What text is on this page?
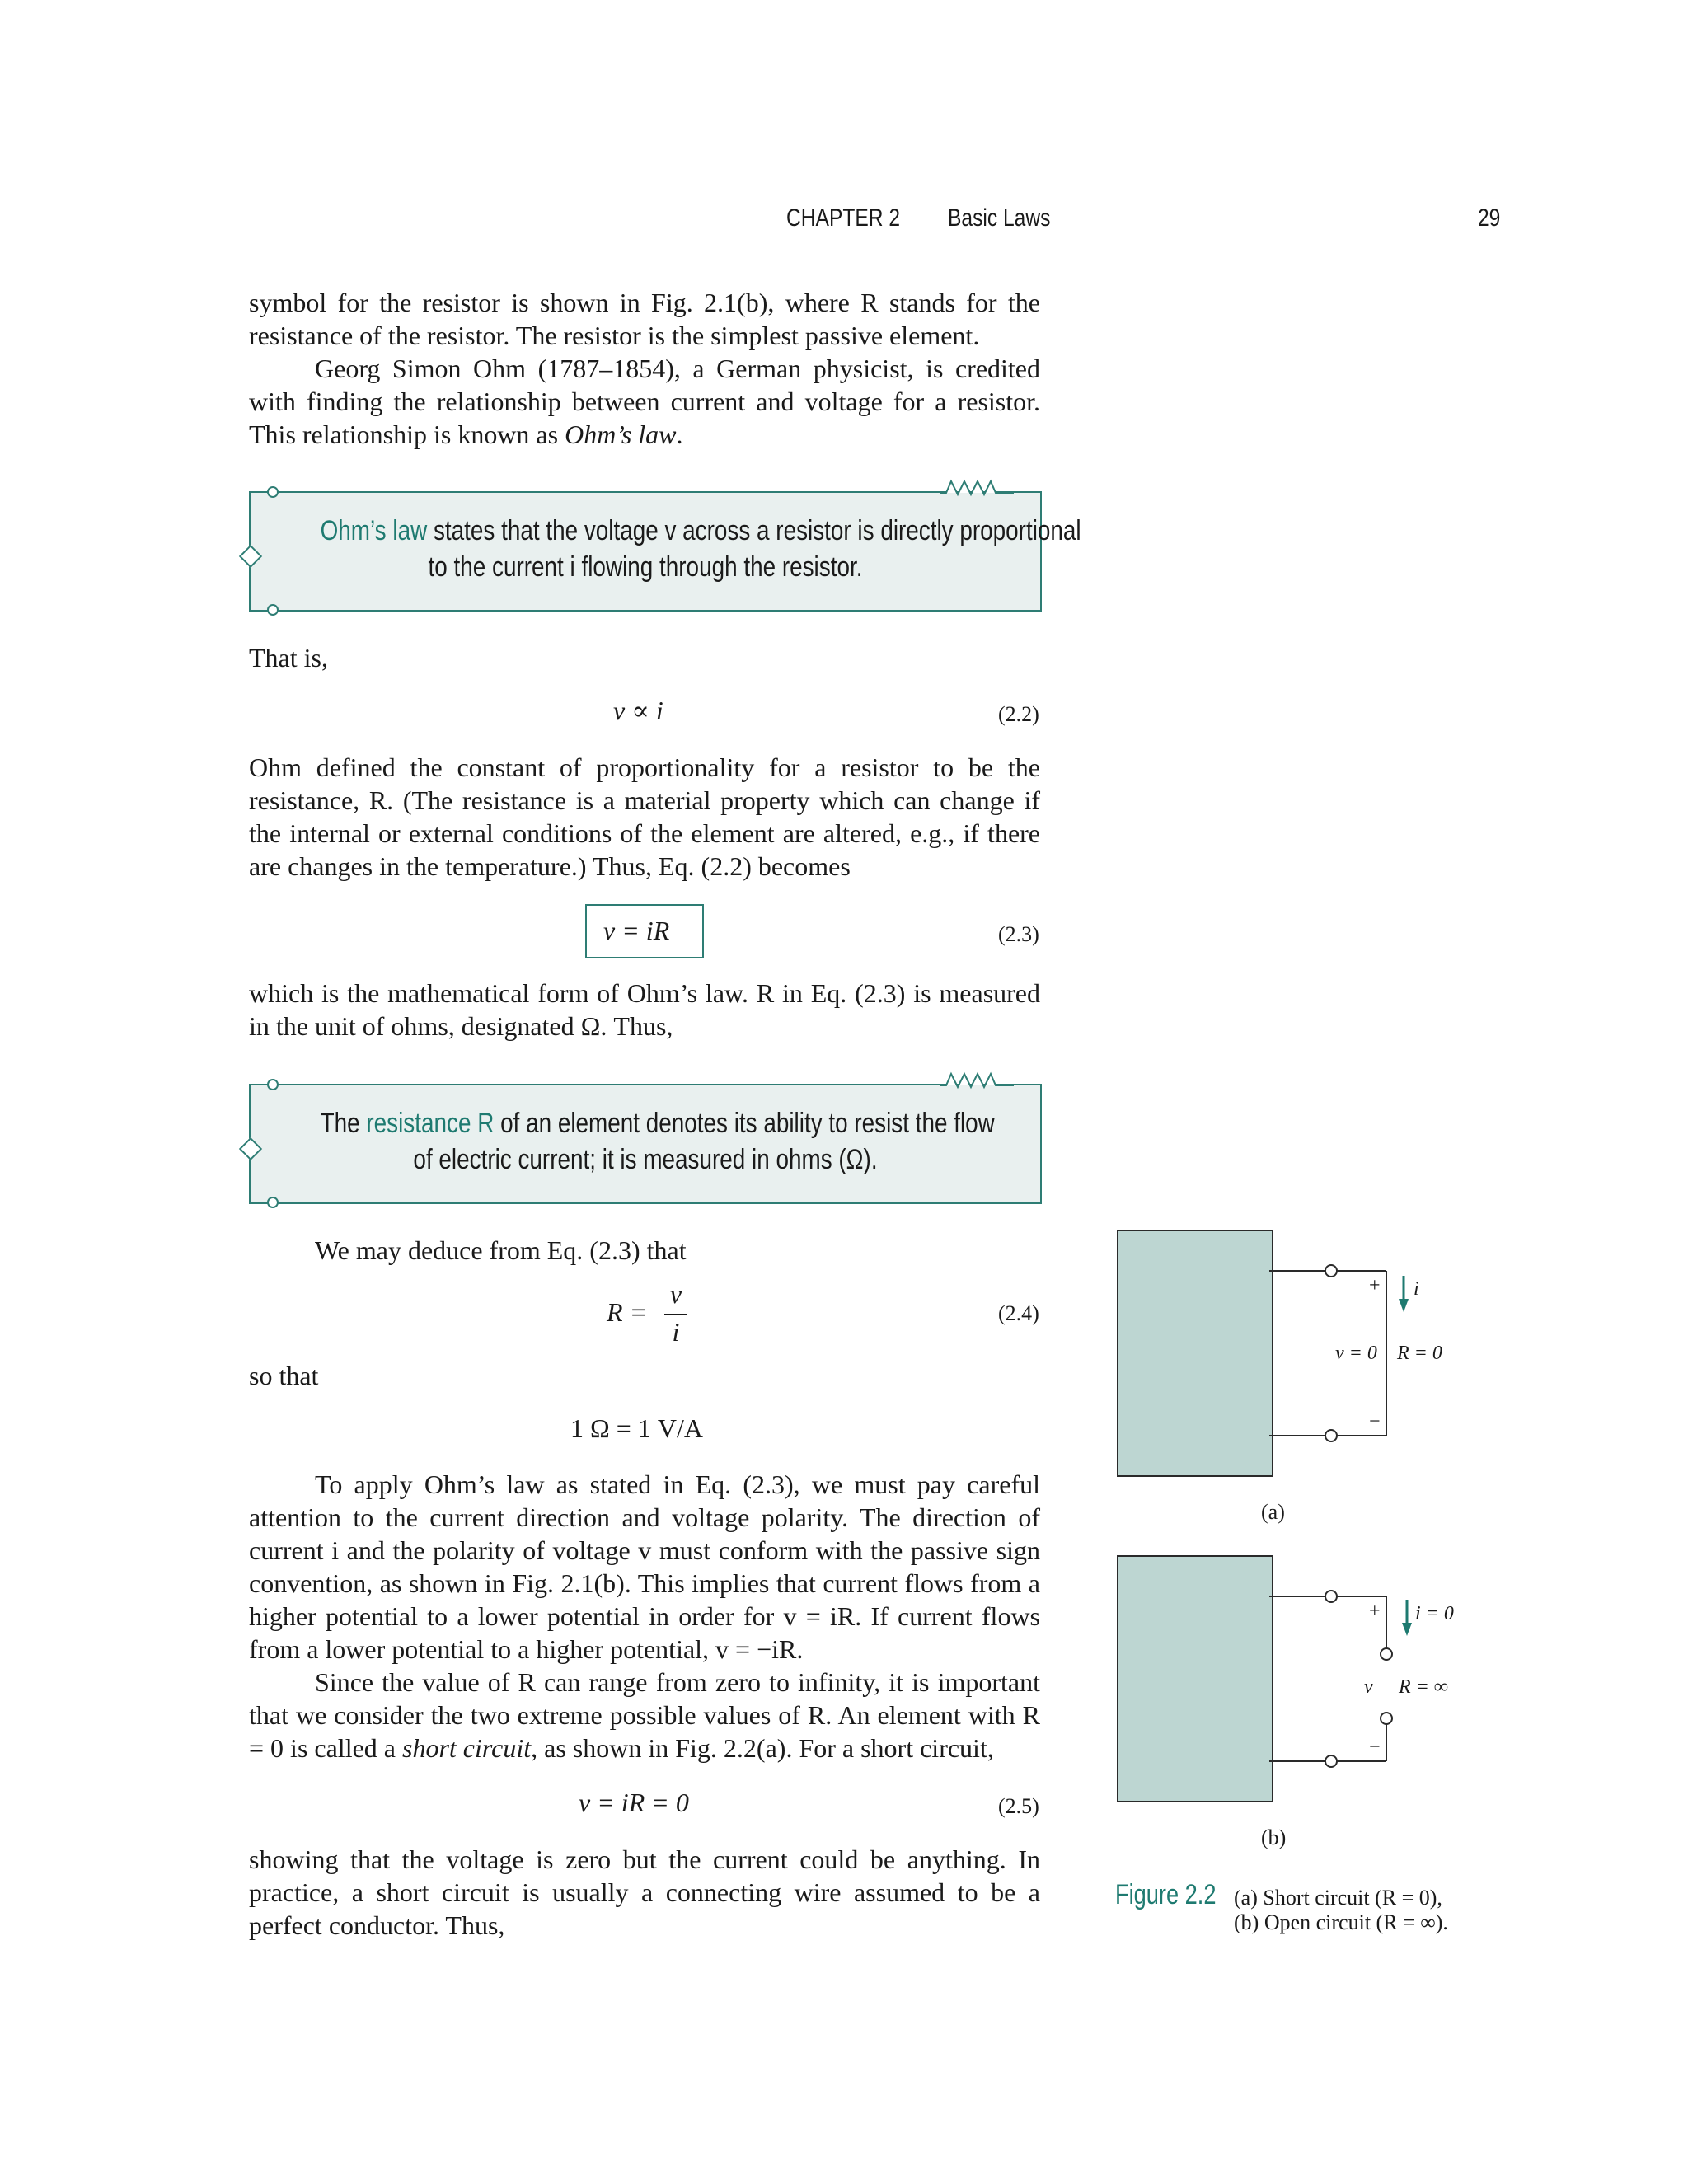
CHAPTER 2 Basic Laws	29

symbol for the resistor is shown in Fig. 2.1(b), where R stands for the resistance of the resistor. The resistor is the simplest passive element.

Georg Simon Ohm (1787–1854), a German physicist, is credited with finding the relationship between current and voltage for a resistor. This relationship is known as Ohm’s law.

Ohm’s law states that the voltage v across a resistor is directly proportional
to the current i flowing through the resistor.
That is,
v ∝ i	(2.2)

Ohm defined the constant of proportionality for a resistor to be the resistance, R. (The resistance is a material property which can change if the internal or external conditions of the element are altered, e.g., if there are changes in the temperature.) Thus, Eq. (2.2) becomes

v = iR	(2.3)

which is the mathematical form of Ohm’s law. R in Eq. (2.3) is measured in the unit of ohms, designated Ω. Thus,

The resistance R of an element denotes its ability to resist the flow
of electric current; it is measured in ohms (Ω).
We may deduce from Eq. (2.3) that
R =
v
i
(2.4)
so that
1 Ω = 1 V/A

To apply Ohm’s law as stated in Eq. (2.3), we must pay careful attention to the current direction and voltage polarity. The direction of current i and the polarity of voltage v must conform with the passive sign convention, as shown in Fig. 2.1(b). This implies that current flows from a higher potential to a lower potential in order for v = iR. If current flows from a lower potential to a higher potential, v = −iR.

Since the value of R can range from zero to infinity, it is important that we consider the two extreme possible values of R. An element with R = 0 is called a short circuit, as shown in Fig. 2.2(a). For a short circuit,

v = iR = 0	(2.5)

showing that the voltage is zero but the current could be anything. In practice, a short circuit is usually a connecting wire assumed to be a perfect conductor. Thus,

+ i
v = 0 R = 0
−
(a)
+ i = 0
v R = ∞
−
(b)
Figure 2.2 (a) Short circuit (R = 0),
(b) Open circuit (R = ∞).
